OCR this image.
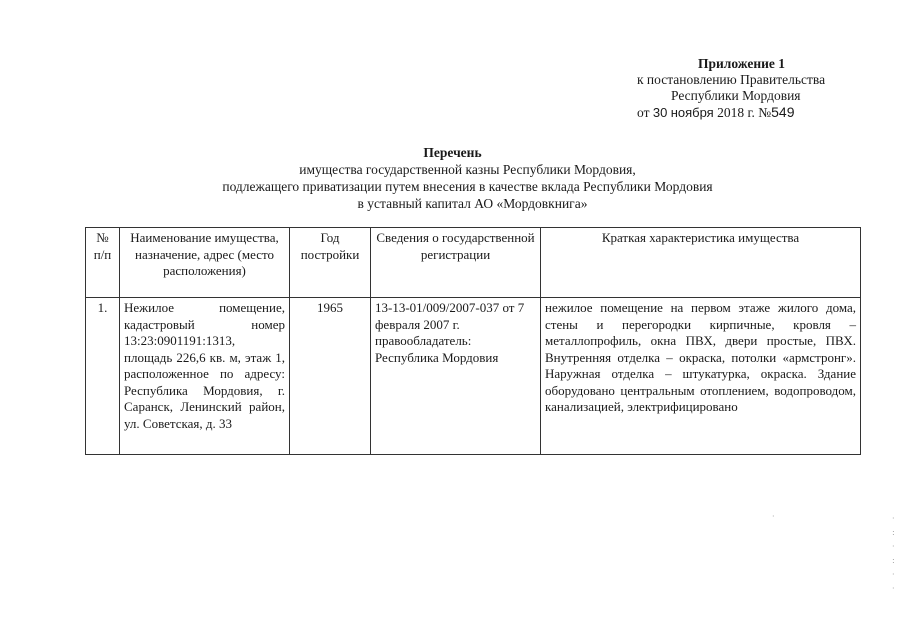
Приложение 1
к постановлению Правительства
Республики Мордовия
от 30 ноября 2018 г. №549
Перечень
имущества государственной казны Республики Мордовия,
подлежащего приватизации путем внесения в качестве вклада Республики Мордовия
в уставный капитал АО «Мордовкнига»
№ п/п	Наименование имущества, назначение, адрес (место расположения)	Год постройки	Сведения о государственной регистрации	Краткая характеристика имущества
1.	Нежилое помещение, кадастровый номер 13:23:0901191:1313, площадь 226,6 кв. м, этаж 1, расположенное по адресу: Республика Мордовия, г. Саранск, Ленинский район, ул. Советская, д. 33	1965	13-13-01/009/2007-037 от 7 февраля 2007 г. правообладатель: Республика Мордовия	нежилое помещение на первом этаже жилого дома, стены и перегородки кирпичные, кровля – металлопрофиль, окна ПВХ, двери простые, ПВХ. Внутренняя отделка – окраска, потолки «армстронг». Наружная отделка – штукатурка, окраска. Здание оборудовано центральным отоплением, водопроводом, канализацией, электрифицировано
·	·
:
·
:
·
·
